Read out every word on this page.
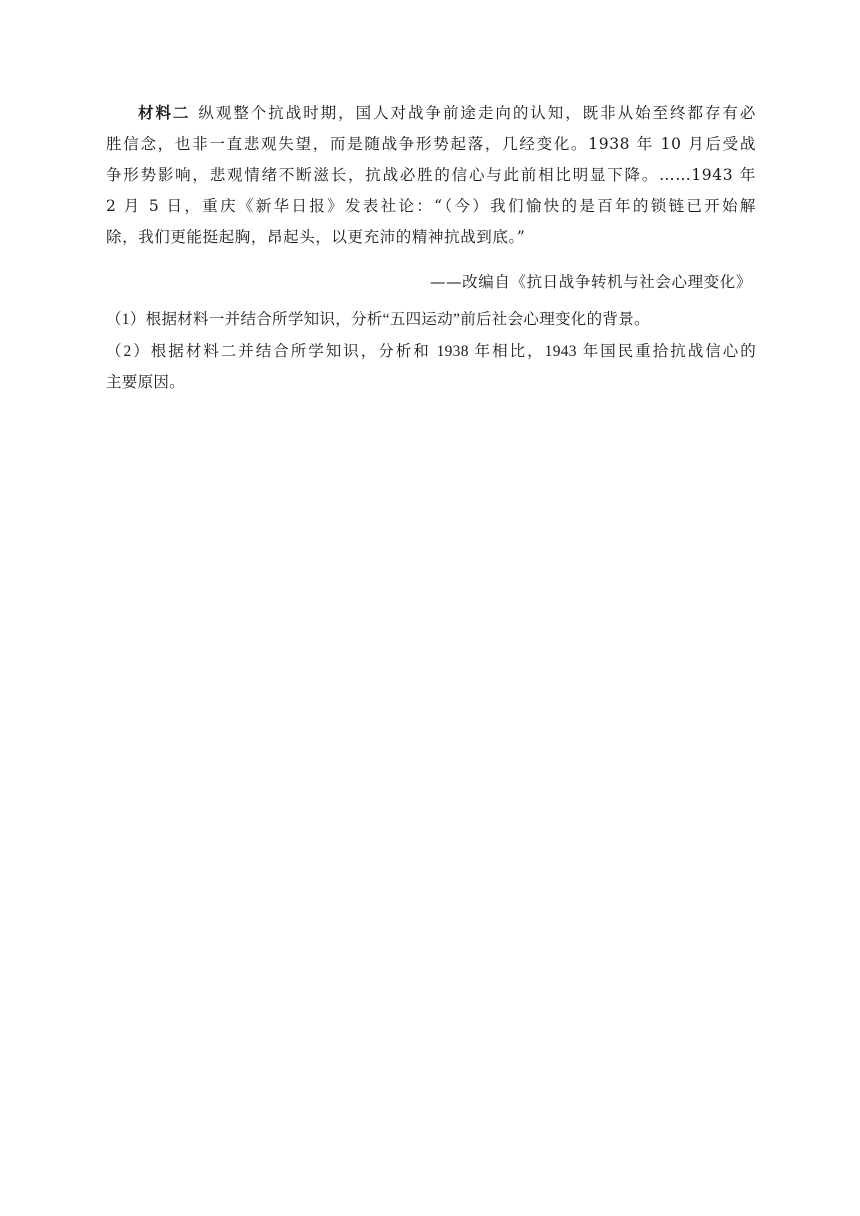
材料二 纵观整个抗战时期，国人对战争前途走向的认知，既非从始至终都存有必
胜信念，也非一直悲观失望，而是随战争形势起落，几经变化。1938 年 10 月后受战
争形势影响，悲观情绪不断滋长，抗战必胜的信心与此前相比明显下降。……1943 年
2 月 5 日，重庆《新华日报》发表社论：“（今）我们愉快的是百年的锁链已开始解
除，我们更能挺起胸，昂起头，以更充沛的精神抗战到底。”

——改编自《抗日战争转机与社会心理变化》
（1）根据材料一并结合所学知识，分析“五四运动”前后社会心理变化的背景。
（2）根据材料二并结合所学知识，分析和 1938 年相比，1943 年国民重拾抗战信心的
主要原因。
